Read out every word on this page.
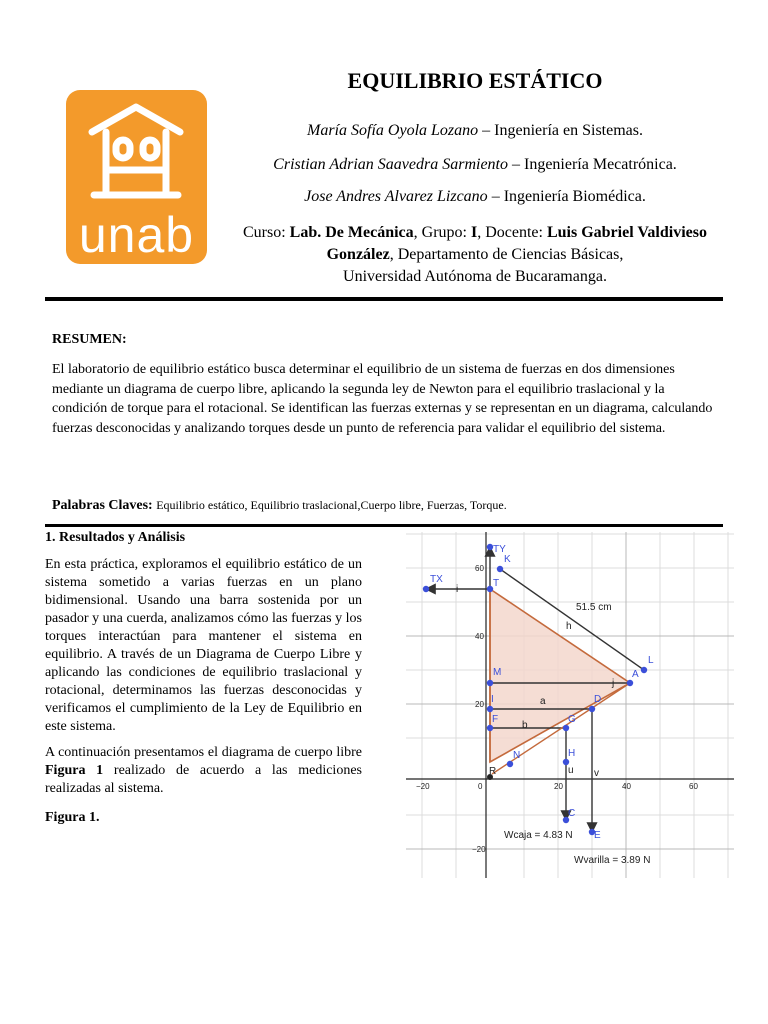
unab
EQUILIBRIO ESTÁTICO
María Sofía Oyola Lozano – Ingeniería en Sistemas.
Cristian Adrian Saavedra Sarmiento – Ingeniería Mecatrónica.
Jose Andres Alvarez Lizcano – Ingeniería Biomédica.
Curso: Lab. De Mecánica, Grupo: I, Docente: Luis Gabriel Valdivieso González, Departamento de Ciencias Básicas,
Universidad Autónoma de Bucaramanga.
RESUMEN:
El laboratorio de equilibrio estático busca determinar el equilibrio de un sistema de fuerzas en dos dimensiones mediante un diagrama de cuerpo libre, aplicando la segunda ley de Newton para el equilibrio traslacional y la condición de torque para el rotacional. Se identifican las fuerzas externas y se representan en un diagrama, calculando fuerzas desconocidas y analizando torques desde un punto de referencia para validar el equilibrio del sistema.
Palabras Claves: Equilibrio estático, Equilibrio traslacional,Cuerpo libre, Fuerzas, Torque.
1. Resultados y Análisis
En esta práctica, exploramos el equilibrio estático de un sistema sometido a varias fuerzas en un plano bidimensional. Usando una barra sostenida por un pasador y una cuerda, analizamos cómo las fuerzas y los torques interactúan para mantener el sistema en equilibrio. A través de un Diagrama de Cuerpo Libre y aplicando las condiciones de equilibrio traslacional y rotacional, determinamos las fuerzas desconocidas y verificamos el cumplimiento de la Ley de Equilibrio en este sistema.
A continuación presentamos el diagrama de cuerpo libre Figura 1 realizado de acuerdo a las mediciones realizadas al sistema.
Figura 1.
−20	0	20	40	60
60
40
20
−20
TY
K
TX	T
L
A
M
I	D
F	G
H
N
C
E
R
i
h
j
a
b
u v
51.5 cm
Wcaja = 4.83 N
Wvarilla = 3.89 N
